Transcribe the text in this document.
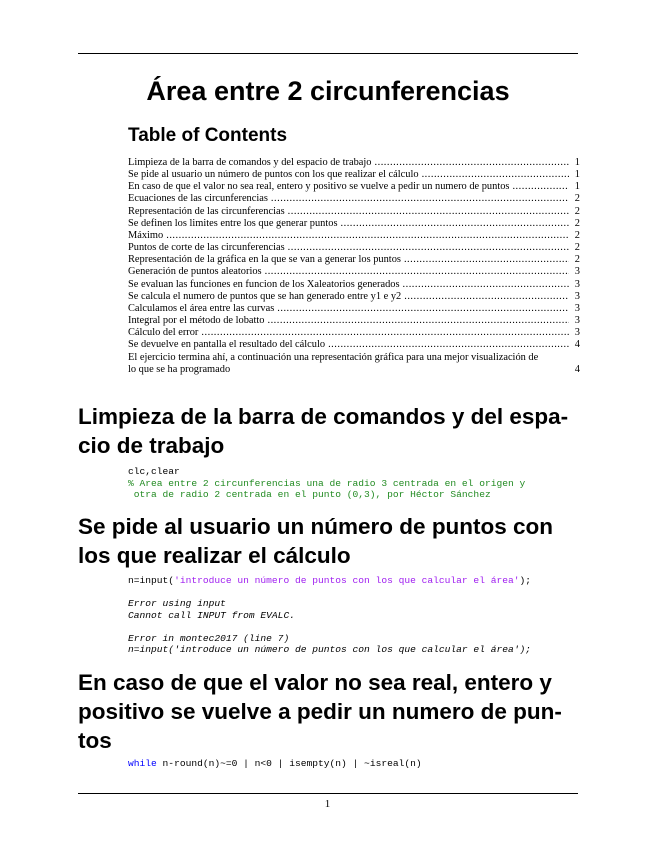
Área entre 2 circunferencias
Table of Contents
Limpieza de la barra de comandos y del espacio de trabajo .....	1
Se pide al usuario un número de puntos con los que realizar el cálculo .....	1
En caso de que el valor no sea real, entero y positivo se vuelve a pedir un numero de puntos .....	1
Ecuaciones de las circunferencias .....	2
Representación de las circunferencias .....	2
Se definen los limites entre los que generar puntos .....	2
Máximo .....	2
Puntos de corte de las circunferencias .....	2
Representación de la gráfica en la que se van a generar los puntos .....	2
Generación de puntos aleatorios .....	3
Se evaluan las funciones en funcion de los Xaleatorios generados .....	3
Se calcula el numero de puntos que se han generado entre y1 e y2 .....	3
Calculamos el área entre las curvas .....	3
Integral por el método de lobatto .....	3
Cálculo del error .....	3
Se devuelve en pantalla el resultado del cálculo .....	4
El ejercicio termina ahí, a continuación una representación gráfica para una mejor visualización de
lo que se ha programado	4
Limpieza de la barra de comandos y del espa-
cio de trabajo
clc,clear
% Area entre 2 circunferencias una de radio 3 centrada en el origen y
otra de radio 2 centrada en el punto (0,3), por Héctor Sánchez
Se pide al usuario un número de puntos con
los que realizar el cálculo
n=input('introduce un número de puntos con los que calcular el área');
Error using input
Cannot call INPUT from EVALC.

Error in montec2017 (line 7)
n=input('introduce un número de puntos con los que calcular el área');
En caso de que el valor no sea real, entero y
positivo se vuelve a pedir un numero de pun-
tos
while n-round(n)~=0 | n<0 | isempty(n) | ~isreal(n)
1
